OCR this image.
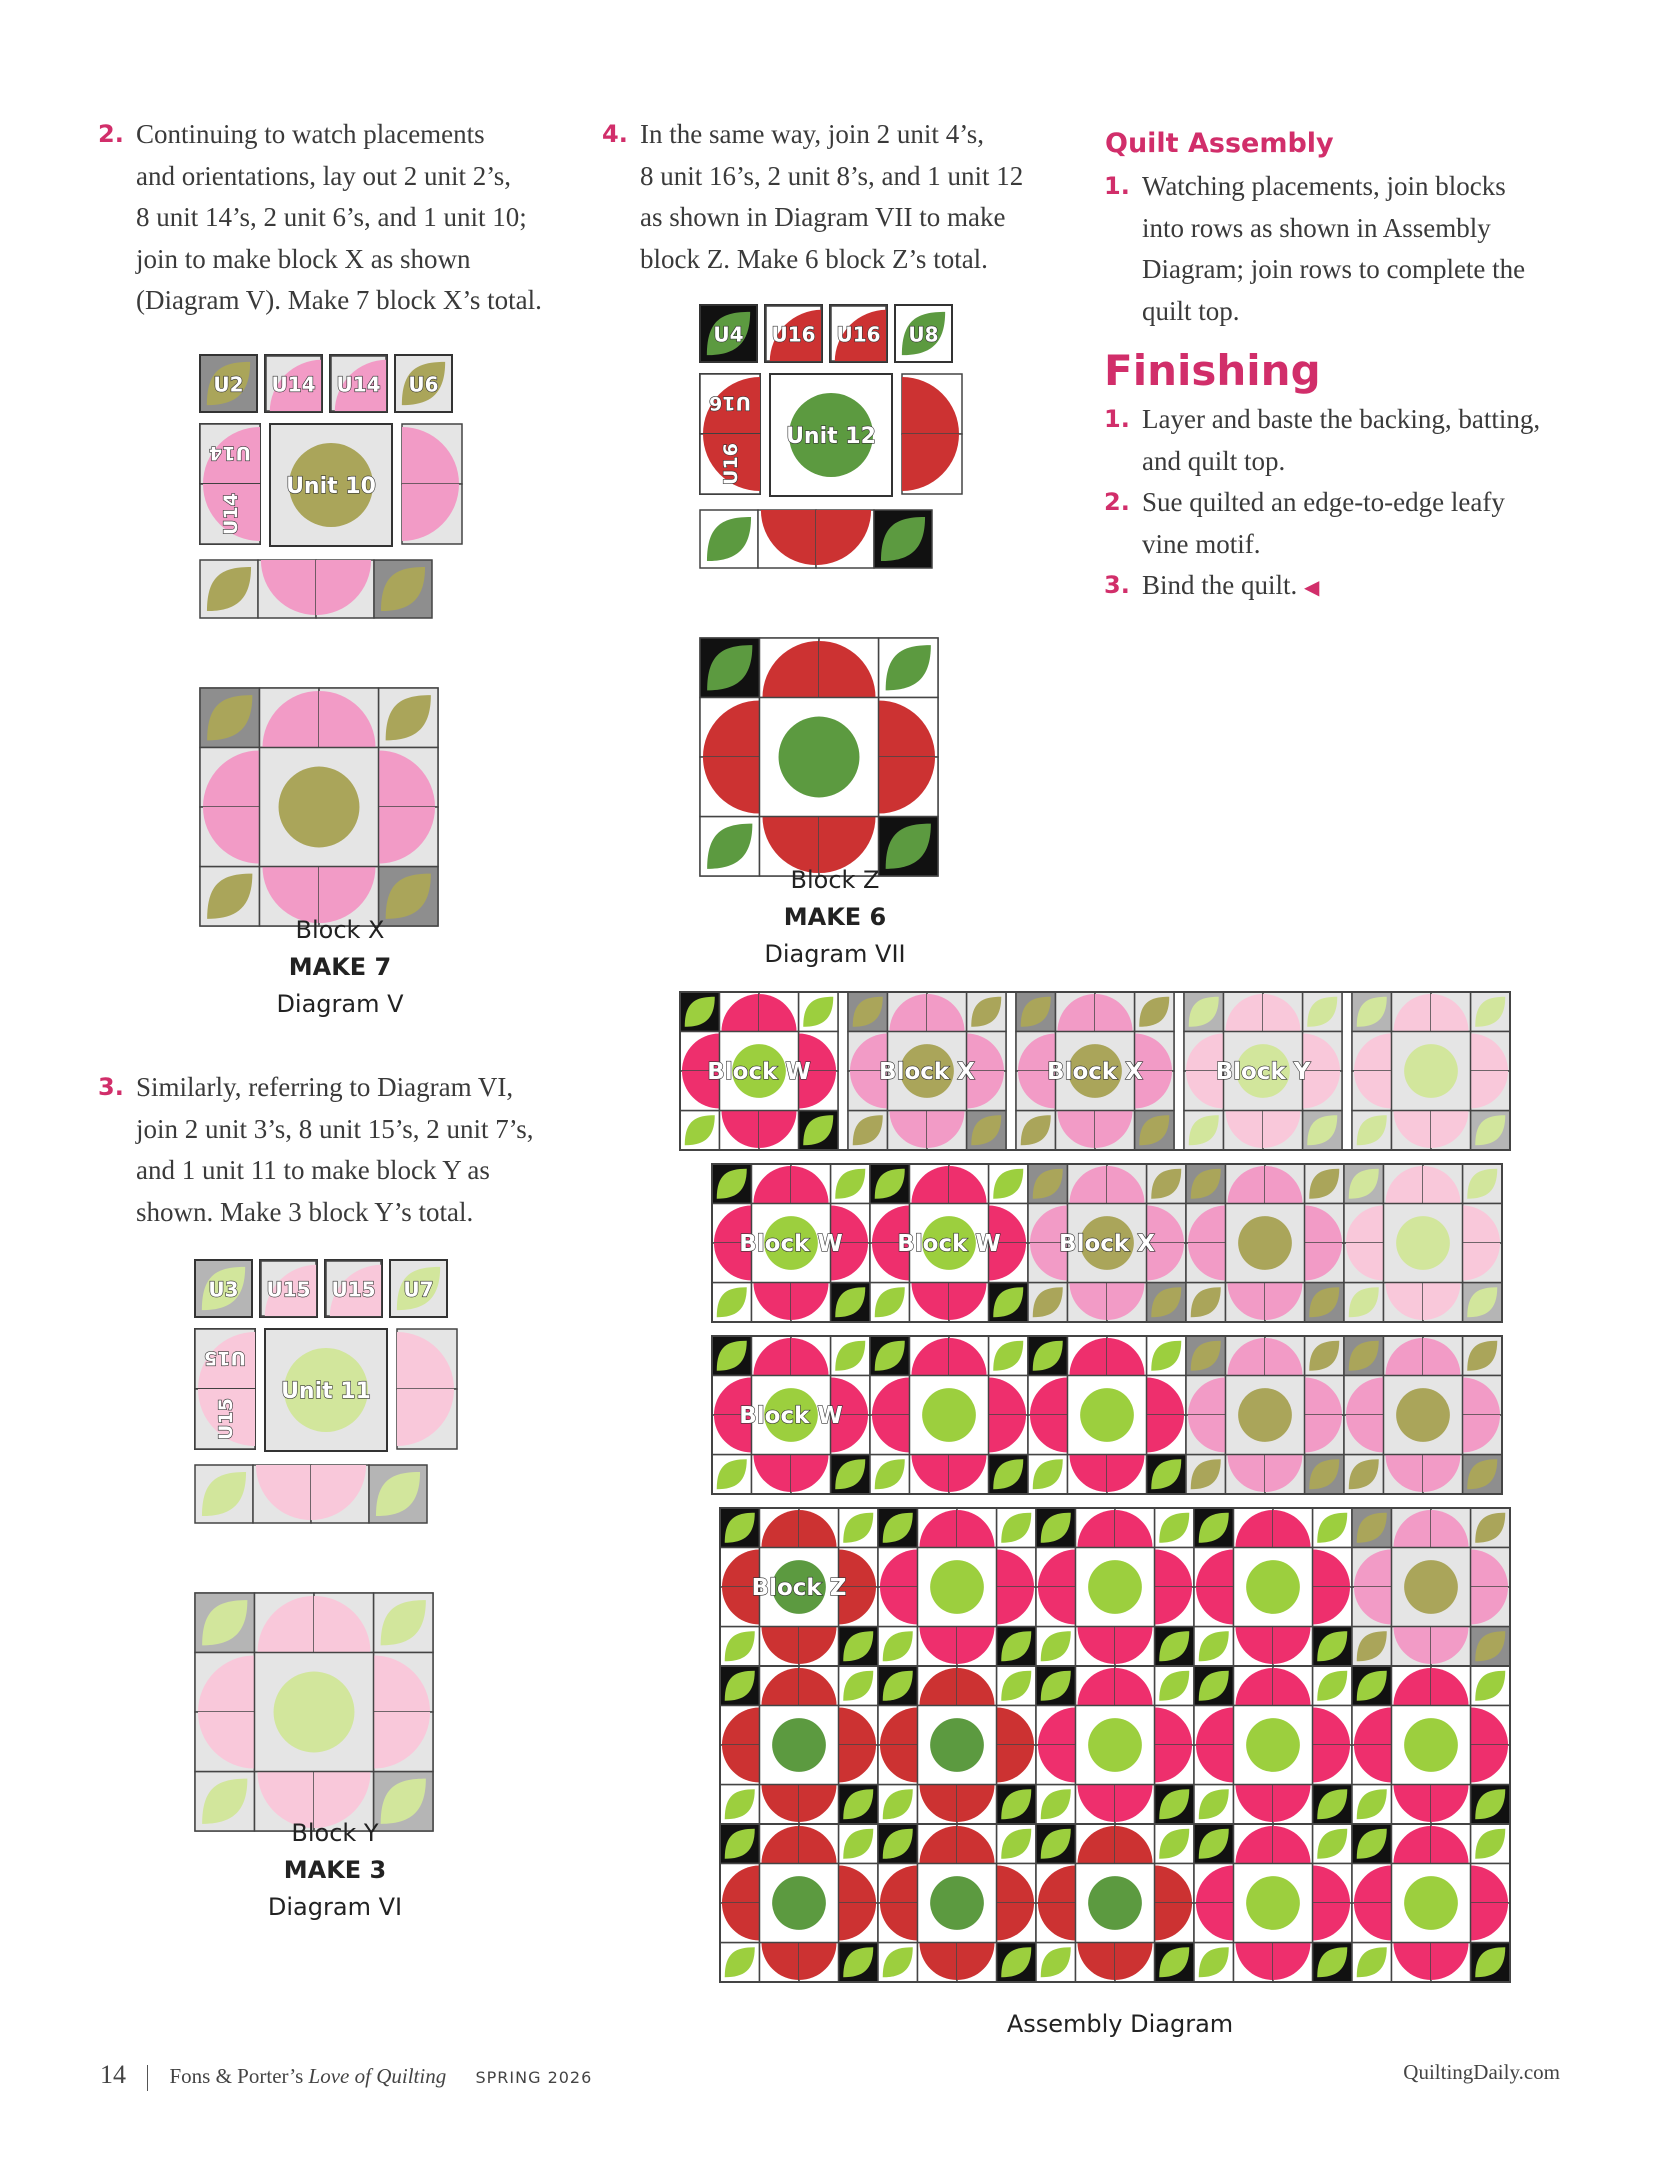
2. Continuing to watch placements

and orientations, lay out 2 unit 2’s,

8 unit 14’s, 2 unit 6’s, and 1 unit 10;

join to make block X as shown

(Diagram V). Make 7 block X’s total.

3. Similarly, referring to Diagram VI,

join 2 unit 3’s, 8 unit 15’s, 2 unit 7’s,

and 1 unit 11 to make block Y as

shown. Make 3 block Y’s total.

4. In the same way, join 2 unit 4’s,

8 unit 16’s, 2 unit 8’s, and 1 unit 12

as shown in Diagram VII to make

block Z. Make 6 block Z’s total.

Quilt Assembly
1. Watching placements, join blocks

into rows as shown in Assembly

Diagram; join rows to complete the

quilt top.

Finishing
1. Layer and baste the backing, batting,

and quilt top.

2. Sue quilted an edge-to-edge leafy

vine motif.

3. Bind the quilt. ◀

U2 U14 U14 U6
U14
U14
Unit 10
Block X
MAKE 7
Diagram V
U3 U15 U15 U7
U15
U15
Unit 11
Block Y
MAKE 3
Diagram VI
U4 U16 U16 U8
U16
U16
Unit 12
Block Z
MAKE 6
Diagram VII
Block W	Block X	Block X	Block Y
Block W Block W	Block X
Block W
Block Z
Assembly Diagram
14 Fons & Porter’s Love of Quilting SPRING 2026	QuiltingDaily.com
